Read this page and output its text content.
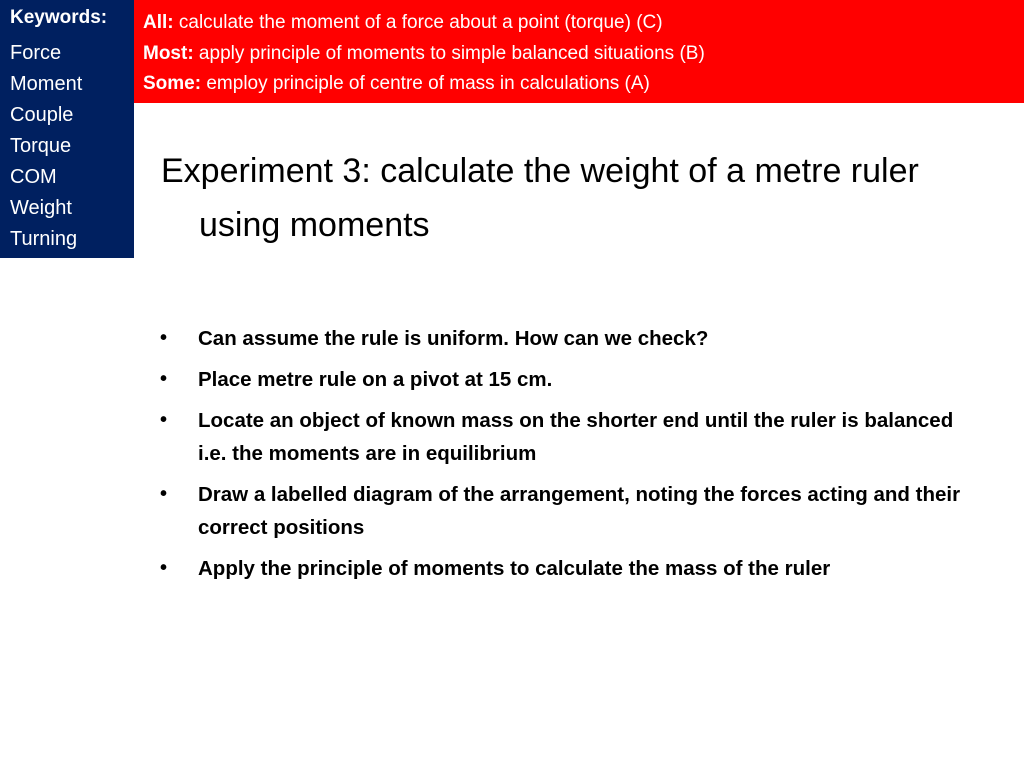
Keywords:
Force
Moment
Couple
Torque
COM
Weight
Turning
All: calculate the moment of a force about a point (torque) (C)
Most: apply principle of moments to simple balanced situations (B)
Some: employ principle of centre of mass in calculations (A)
Experiment 3: calculate the weight of a metre ruler using moments
• Can assume the rule is uniform. How can we check?
• Place metre rule on a pivot at 15 cm.
• Locate an object of known mass on the shorter end until the ruler is balanced i.e. the moments are in equilibrium
• Draw a labelled diagram of the arrangement, noting the forces acting and their correct positions
• Apply the principle of moments to calculate the mass of the ruler
